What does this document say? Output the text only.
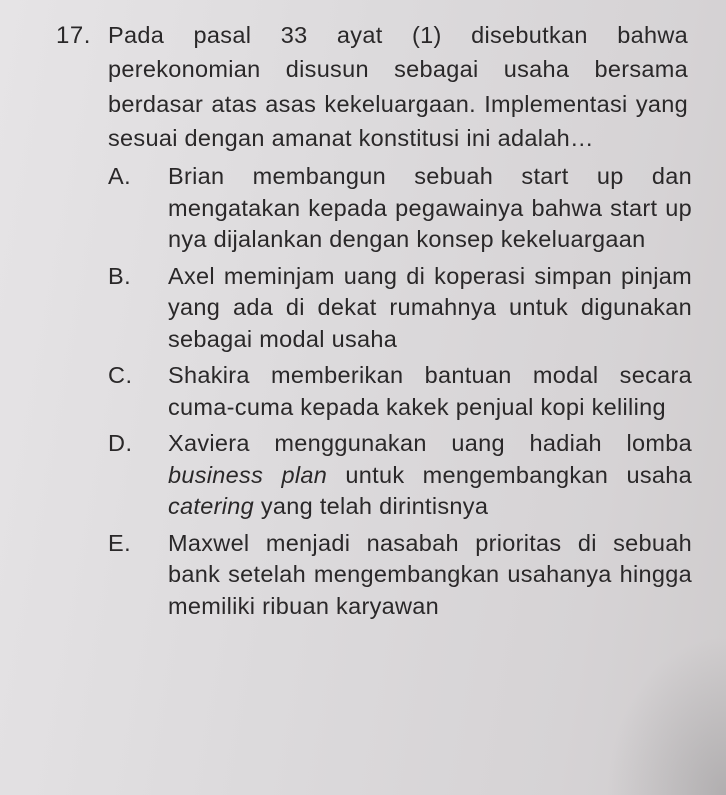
17. Pada pasal 33 ayat (1) disebutkan bahwa perekonomian disusun sebagai usaha bersama berdasar atas asas kekeluargaan. Implementasi yang sesuai dengan amanat konstitusi ini adalah…
A.	Brian membangun sebuah start up dan mengatakan kepada pegawainya bahwa start up nya dijalankan dengan konsep kekeluargaan
B.	Axel meminjam uang di koperasi simpan pinjam yang ada di dekat rumahnya untuk digunakan sebagai modal usaha
C.	Shakira memberikan bantuan modal secara cuma-cuma kepada kakek penjual kopi keliling
D.	Xaviera menggunakan uang hadiah lomba business plan untuk mengembangkan usaha catering yang telah dirintisnya
E.	Maxwel menjadi nasabah prioritas di sebuah bank setelah mengembangkan usahanya hingga memiliki ribuan karyawan
